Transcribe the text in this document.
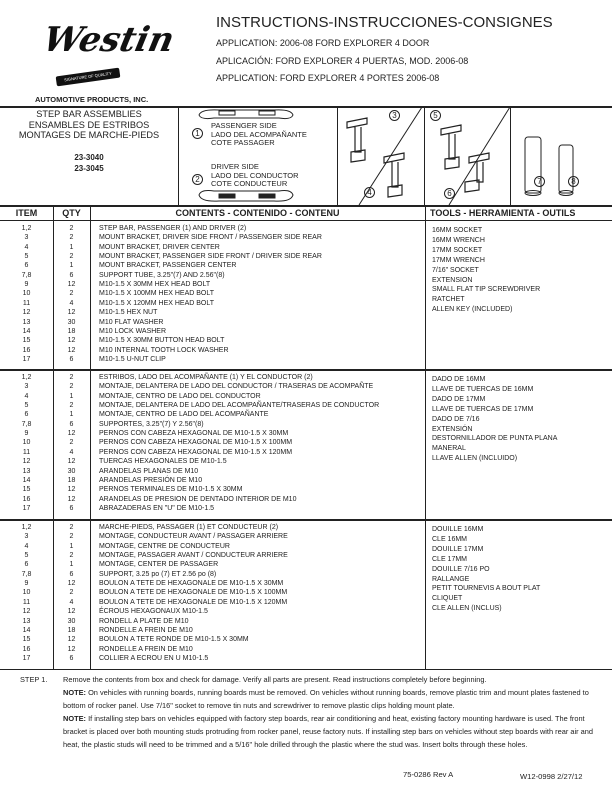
Westin
SIGNATURE OF QUALITY
AUTOMOTIVE PRODUCTS, INC.
INSTRUCTIONS-INSTRUCCIONES-CONSIGNES
APPLICATION: 2006-08 FORD EXPLORER 4 DOOR
APLICACIÓN: FORD EXPLORER 4 PUERTAS, MOD. 2006-08
APPLICATION: FORD EXPLORER 4 PORTES 2006-08
STEP BAR ASSEMBLIES
ENSAMBLES DE ESTRIBOS
MONTAGES DE MARCHE-PIEDS
23-3040
23-3045
PASSENGER SIDE
LADO DEL ACOMPAÑANTE
COTE PASSAGER
DRIVER SIDE
LADO DEL CONDUCTOR
COTE CONDUCTEUR
1
2
3
4
5
6
7	8
ITEM	QTY	CONTENTS - CONTENIDO - CONTENU	TOOLS - HERRAMIENTA - OUTILS
1,2	2	STEP BAR, PASSENGER (1) AND DRIVER (2)
3	2	MOUNT BRACKET, DRIVER SIDE FRONT / PASSENGER SIDE REAR
4	1	MOUNT BRACKET, DRIVER CENTER
5	2	MOUNT BRACKET, PASSENGER SIDE FRONT / DRIVER SIDE REAR
6	1	MOUNT BRACKET, PASSENGER CENTER
7,8	6	SUPPORT TUBE, 3.25"(7) AND 2.56"(8)
9	12	M10-1.5 X 30MM HEX HEAD BOLT
10	2	M10-1.5 X 100MM HEX HEAD BOLT
11	4	M10-1.5 X 120MM HEX HEAD BOLT
12	12	M10-1.5 HEX NUT
13	30	M10 FLAT WASHER
14	18	M10 LOCK WASHER
15	12	M10-1.5 X 30MM BUTTON HEAD BOLT
16	12	M10 INTERNAL TOOTH LOCK WASHER
17	6	M10-1.5 U-NUT CLIP
16MM SOCKET
16MM WRENCH
17MM SOCKET
17MM WRENCH
7/16" SOCKET
EXTENSION
SMALL FLAT TIP SCREWDRIVER
RATCHET
ALLEN KEY (INCLUDED)
1,2	2	ESTRIBOS, LADO DEL ACOMPAÑANTE (1) Y EL CONDUCTOR (2)
3	2	MONTAJE, DELANTERA DE LADO DEL CONDUCTOR / TRASERAS DE ACOMPAÑTE
4	1	MONTAJE, CENTRO DE LADO DEL CONDUCTOR
5	2	MONTAJE, DELANTERA DE LADO DEL ACOMPAÑANTE/TRASERAS DE CONDUCTOR
6	1	MONTAJE, CENTRO DE LADO DEL ACOMPAÑANTE
7,8	6	SUPPORTES, 3.25"(7) Y 2.56"(8)
9	12	PERNOS CON CABEZA HEXAGONAL DE M10-1.5 X 30MM
10	2	PERNOS CON CABEZA HEXAGONAL DE M10-1.5 X 100MM
11	4	PERNOS CON CABEZA HEXAGONAL DE M10-1.5 X 120MM
12	12	TUERCAS HEXAGONALES DE M10-1.5
13	30	ARANDELAS PLANAS DE M10
14	18	ARANDELAS PRESIÓN DE M10
15	12	PERNOS TERMINALES DE M10-1.5 X 30MM
16	12	ARANDELAS DE PRESION DE DENTADO INTERIOR DE M10
17	6	ABRAZADERAS EN "U" DE M10-1.5
DADO DE 16MM
LLAVE DE TUERCAS DE 16MM
DADO DE 17MM
LLAVE DE TUERCAS DE 17MM
DADO DE 7/16
EXTENSIÓN
DESTORNILLADOR DE PUNTA PLANA
MANERAL
LLAVE ALLEN (INCLUIDO)
1,2	2	MARCHE-PIEDS, PASSAGER (1) ET CONDUCTEUR (2)
3	2	MONTAGE, CONDUCTEUR AVANT / PASSAGER ARRIERE
4	1	MONTAGE, CENTRE DE CONDUCTEUR
5	2	MONTAGE, PASSAGER AVANT / CONDUCTEUR ARRIERE
6	1	MONTAGE, CENTER DE PASSAGER
7,8	6	SUPPORT, 3.25 po (7) ET 2.56 po (8)
9	12	BOULON A TETE DE HEXAGONALE DE M10-1.5 X 30MM
10	2	BOULON A TETE DE HEXAGONALE DE M10-1.5 X 100MM
11	4	BOULON A TETE DE HEXAGONALE DE M10-1.5 X 120MM
12	12	ÉCROUS HEXAGONAUX M10-1.5
13	30	RONDELL A PLATE DE M10
14	18	RONDELLE A FREIN DE M10
15	12	BOULON A TETE RONDE DE M10-1.5 X 30MM
16	12	RONDELLE A FREIN DE M10
17	6	COLLIER A ECROU EN U M10-1.5
DOUILLE 16MM
CLE 16MM
DOUILLE 17MM
CLE 17MM
DOUILLE 7/16 PO
RALLANGE
PETIT TOURNEVIS A BOUT PLAT
CLIQUET
CLE ALLEN (INCLUS)
STEP 1.	Remove the contents from box and check for damage. Verify all parts are present. Read instructions completely before beginning.
NOTE: On vehicles with running boards, running boards must be removed. On vehicles without running boards, remove plastic trim and mount plates fastened to bottom of rocker panel. Use 7/16" socket to remove tin nuts and screwdriver to remove plastic clips holding mount plate.
NOTE: If installing step bars on vehicles equipped with factory step boards, rear air conditioning and heat, existing factory mounting hardware is used. The front bracket is placed over both mounting studs protruding from rocker panel, reuse factory nuts. If installing step bars on vehicles without step boards with rear air and heat, the plastic studs will need to be trimmed and a 5/16" hole drilled through the plastic where the stud was. Insert bolts through these holes.
75-0286 Rev A	W12-0998 2/27/12
